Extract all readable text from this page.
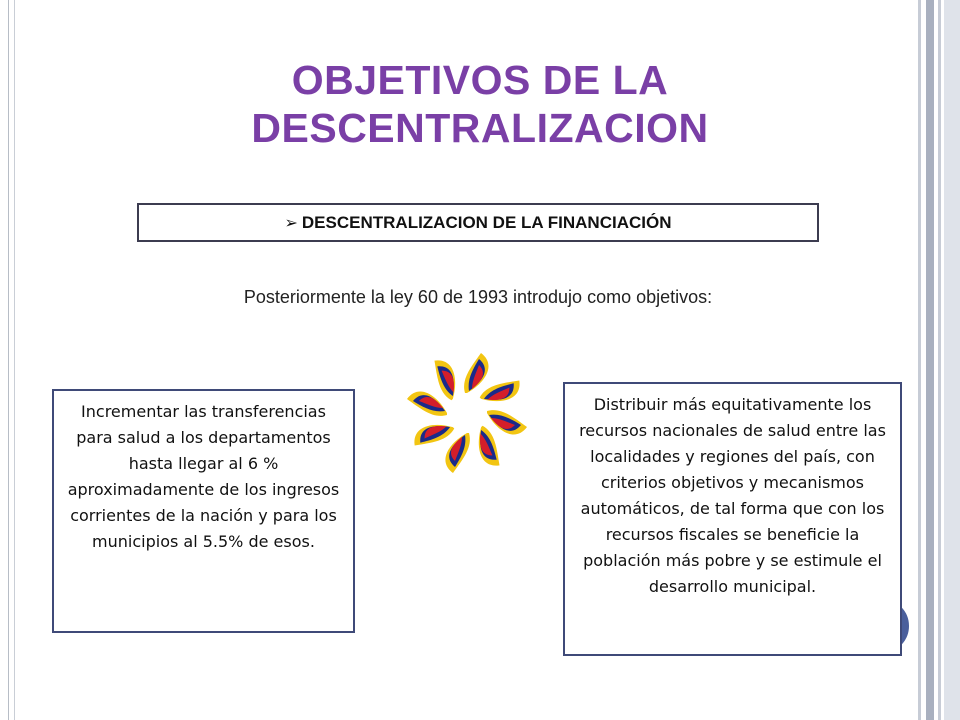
OBJETIVOS DE LA
DESCENTRALIZACION
➢ DESCENTRALIZACION DE LA FINANCIACIÓN
Posteriormente la ley 60 de 1993 introdujo como objetivos:
Incrementar las transferencias para salud a los departamentos hasta llegar al 6 % aproximadamente de los ingresos corrientes de la nación y para los municipios al 5.5% de esos.
Distribuir más equitativamente los recursos nacionales de salud entre las localidades y regiones del país, con criterios objetivos y mecanismos automáticos, de tal forma que con los recursos fiscales se beneficie la población más pobre y se estimule el desarrollo municipal.
